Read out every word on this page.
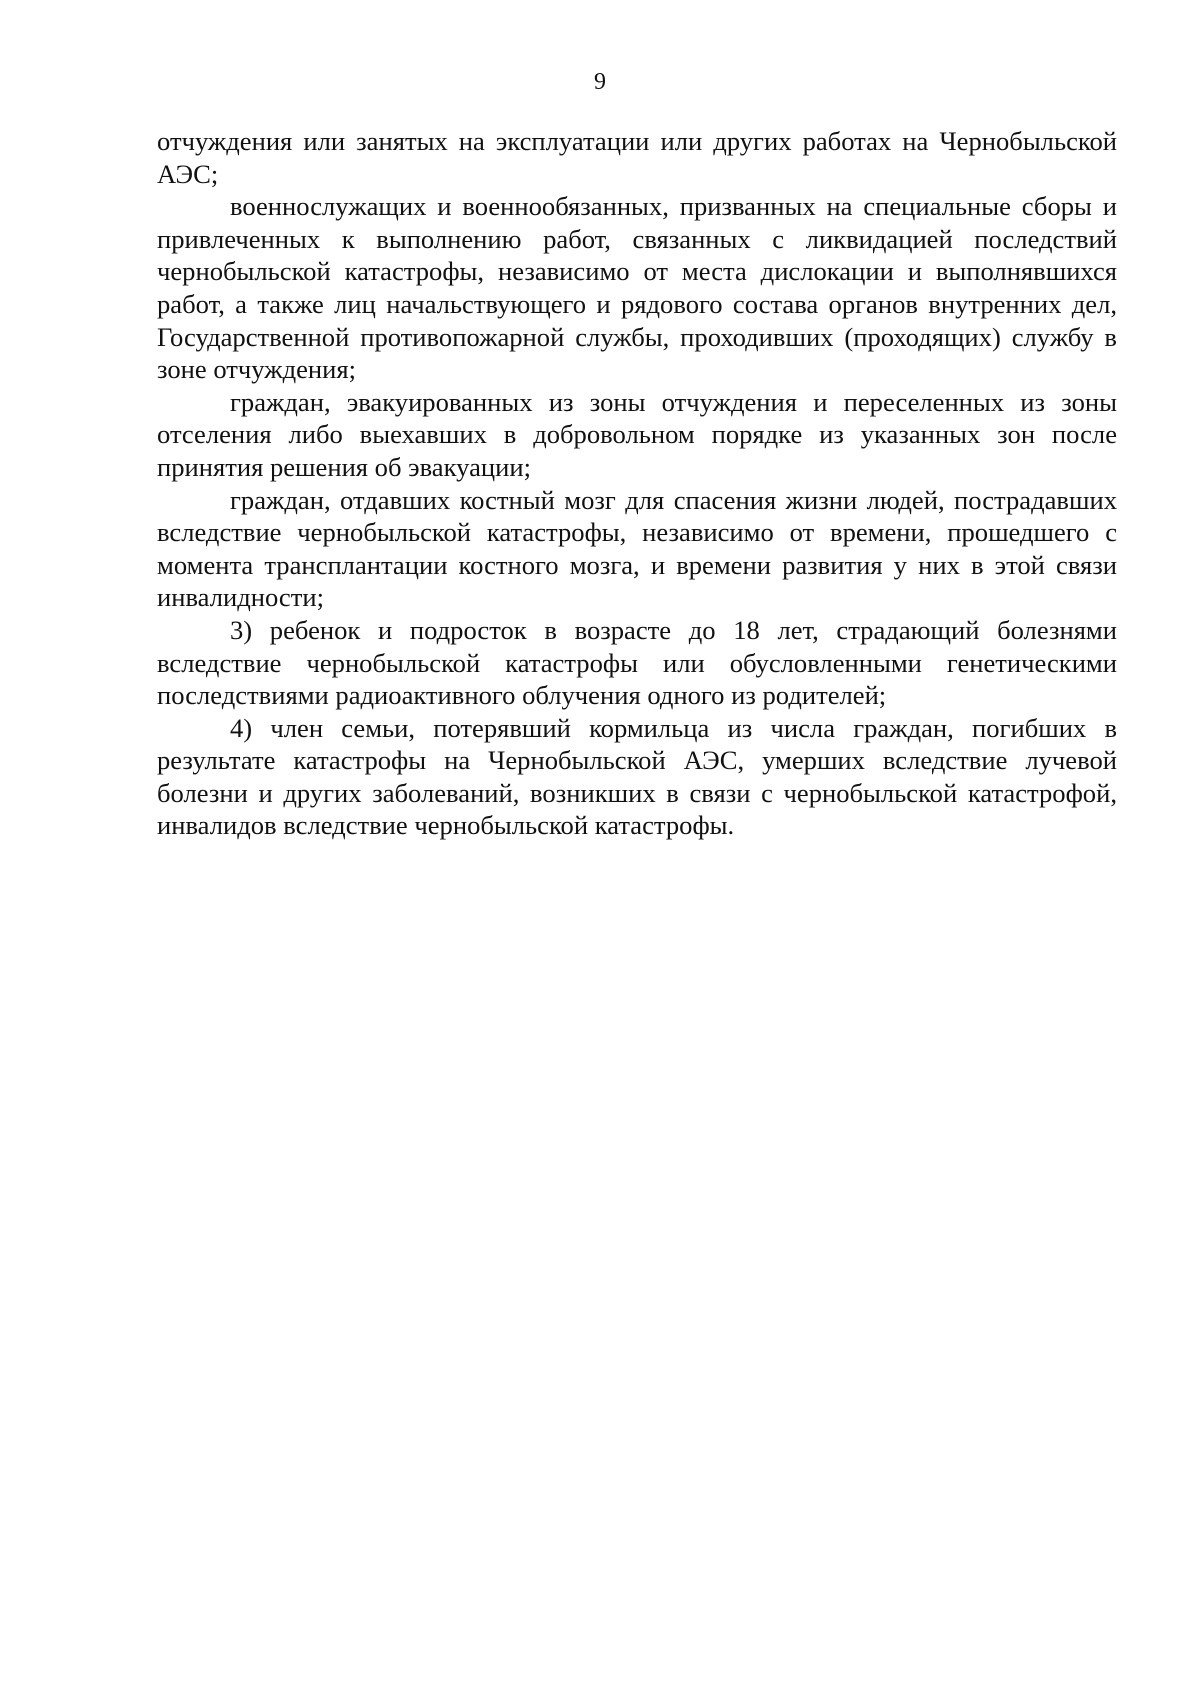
9

отчуждения или занятых на эксплуатации или других работах на Чернобыльской АЭС;

военнослужащих и военнообязанных, призванных на специальные сборы и привлеченных к выполнению работ, связанных с ликвидацией последствий чернобыльской катастрофы, независимо от места дислокации и выполнявшихся работ, а также лиц начальствующего и рядового состава органов внутренних дел, Государственной противопожарной службы, проходивших (проходящих) службу в зоне отчуждения;

граждан, эвакуированных из зоны отчуждения и переселенных из зоны отселения либо выехавших в добровольном порядке из указанных зон после принятия решения об эвакуации;

граждан, отдавших костный мозг для спасения жизни людей, пострадавших вследствие чернобыльской катастрофы, независимо от времени, прошедшего с момента трансплантации костного мозга, и времени развития у них в этой связи инвалидности;

3) ребенок и подросток в возрасте до 18 лет, страдающий болезнями вследствие чернобыльской катастрофы или обусловленными генетическими последствиями радиоактивного облучения одного из родителей;

4) член семьи, потерявший кормильца из числа граждан, погибших в результате катастрофы на Чернобыльской АЭС, умерших вследствие лучевой болезни и других заболеваний, возникших в связи с чернобыльской катастрофой, инвалидов вследствие чернобыльской катастрофы.
